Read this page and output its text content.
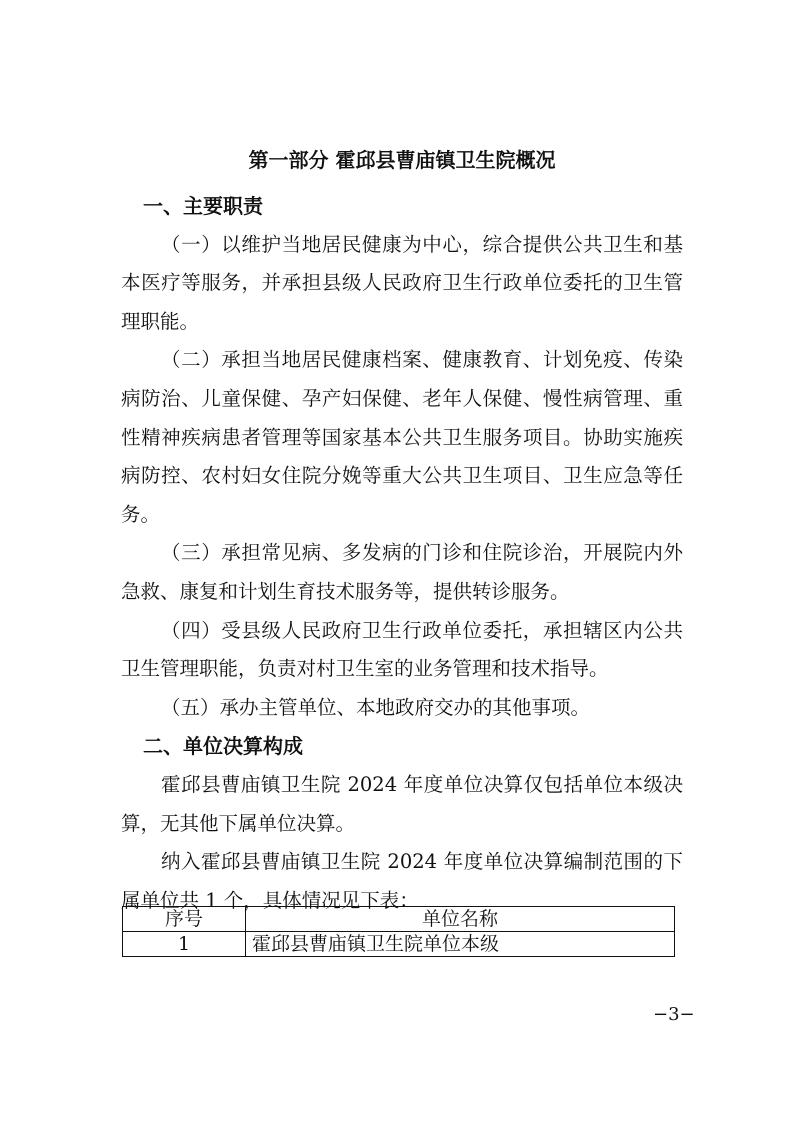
第一部分 霍邱县曹庙镇卫生院概况
一、主要职责

（一）以维护当地居民健康为中心，综合提供公共卫生和基本医疗等服务，并承担县级人民政府卫生行政单位委托的卫生管理职能。

（二）承担当地居民健康档案、健康教育、计划免疫、传染病防治、儿童保健、孕产妇保健、老年人保健、慢性病管理、重性精神疾病患者管理等国家基本公共卫生服务项目。协助实施疾病防控、农村妇女住院分娩等重大公共卫生项目、卫生应急等任务。

（三）承担常见病、多发病的门诊和住院诊治，开展院内外急救、康复和计划生育技术服务等，提供转诊服务。

（四）受县级人民政府卫生行政单位委托，承担辖区内公共卫生管理职能，负责对村卫生室的业务管理和技术指导。

（五）承办主管单位、本地政府交办的其他事项。

二、单位决算构成

霍邱县曹庙镇卫生院 2024 年度单位决算仅包括单位本级决算，无其他下属单位决算。

纳入霍邱县曹庙镇卫生院 2024 年度单位决算编制范围的下属单位共 1 个，具体情况见下表：

序号	单位名称
1	霍邱县曹庙镇卫生院单位本级
−3−
